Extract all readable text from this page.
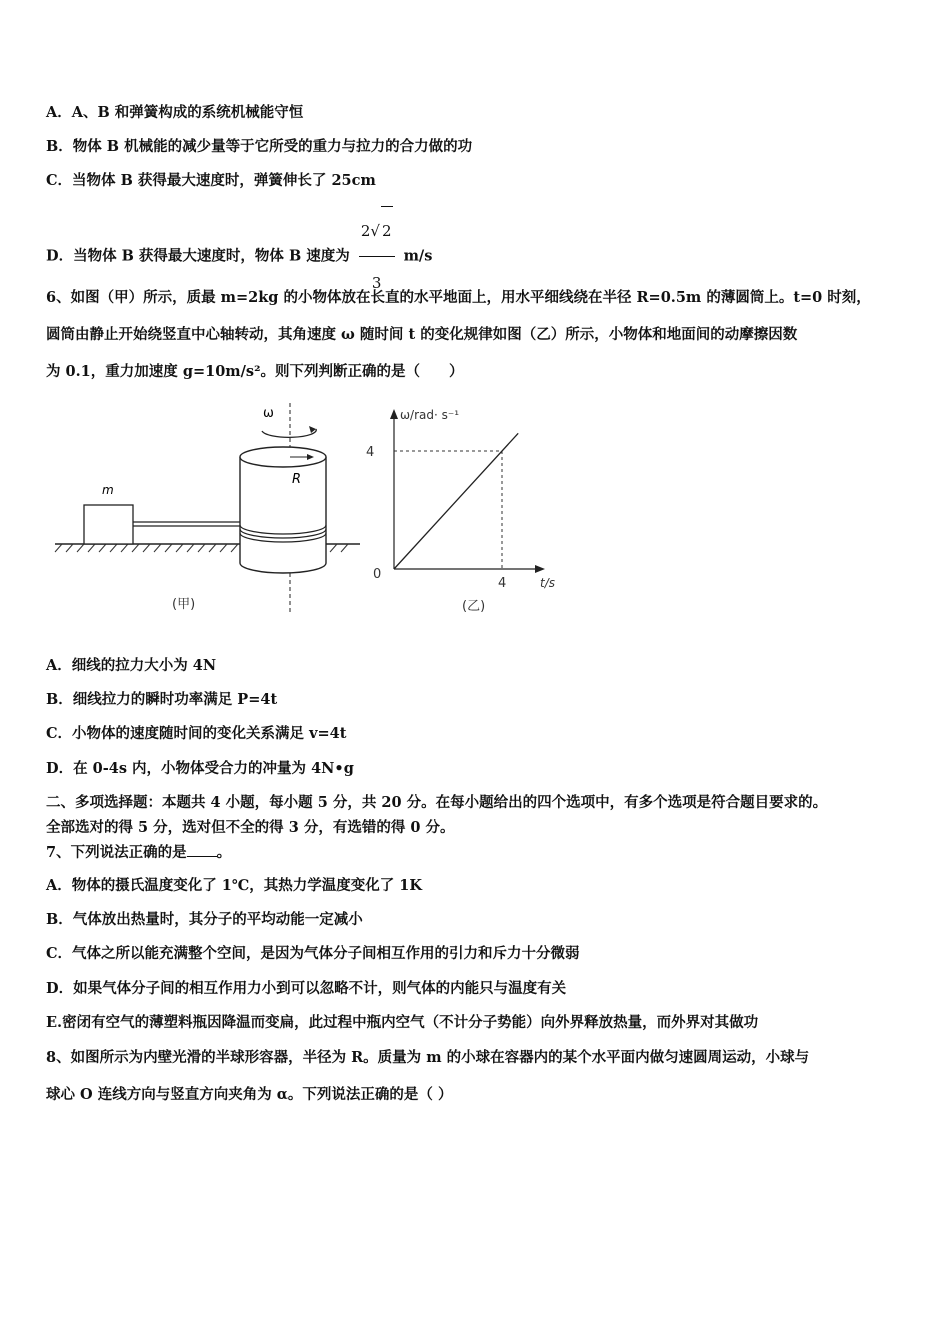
A．A、B 和弹簧构成的系统机械能守恒
B．物体 B 机械能的减少量等于它所受的重力与拉力的合力做的功
C．当物体 B 获得最大速度时，弹簧伸长了 25cm
D．当物体 B 获得最大速度时，物体 B 速度为 $\frac{2√ 2}{3} m/s$
6、如图（甲）所示，质最 m=2kg 的小物体放在长直的水平地面上，用水平细线绕在半径 R=0.5m 的薄圆筒上。t=0 时刻，
圆筒由静止开始绕竖直中心轴转动，其角速度 ω 随时间 t 的变化规律如图（乙）所示，小物体和地面间的动摩擦因数
为 0.1，重力加速度 g=10m/s²。则下列判断正确的是（　　）
m
ω
R
(甲)
ω/rad· s⁻¹
t/s
0
4
4
(乙)
A．细线的拉力大小为 4N
B．细线拉力的瞬时功率满足 P=4t
C．小物体的速度随时间的变化关系满足 v=4t
D．在 0-4s 内，小物体受合力的冲量为 4N•g
二、多项选择题：本题共 4 小题，每小题 5 分，共 20 分。在每小题给出的四个选项中，有多个选项是符合题目要求的。
全部选对的得 5 分，选对但不全的得 3 分，有选错的得 0 分。
7、下列说法正确的是 。
A．物体的摄氏温度变化了 1℃，其热力学温度变化了 1K
B．气体放出热量时，其分子的平均动能一定减小
C．气体之所以能充满整个空间，是因为气体分子间相互作用的引力和斥力十分微弱
D．如果气体分子间的相互作用力小到可以忽略不计，则气体的内能只与温度有关
E.密闭有空气的薄塑料瓶因降温而变扁，此过程中瓶内空气（不计分子势能）向外界释放热量，而外界对其做功
8、如图所示为内壁光滑的半球形容器，半径为 R。质量为 m 的小球在容器内的某个水平面内做匀速圆周运动，小球与
球心 O 连线方向与竖直方向夹角为 α。下列说法正确的是（ ）
